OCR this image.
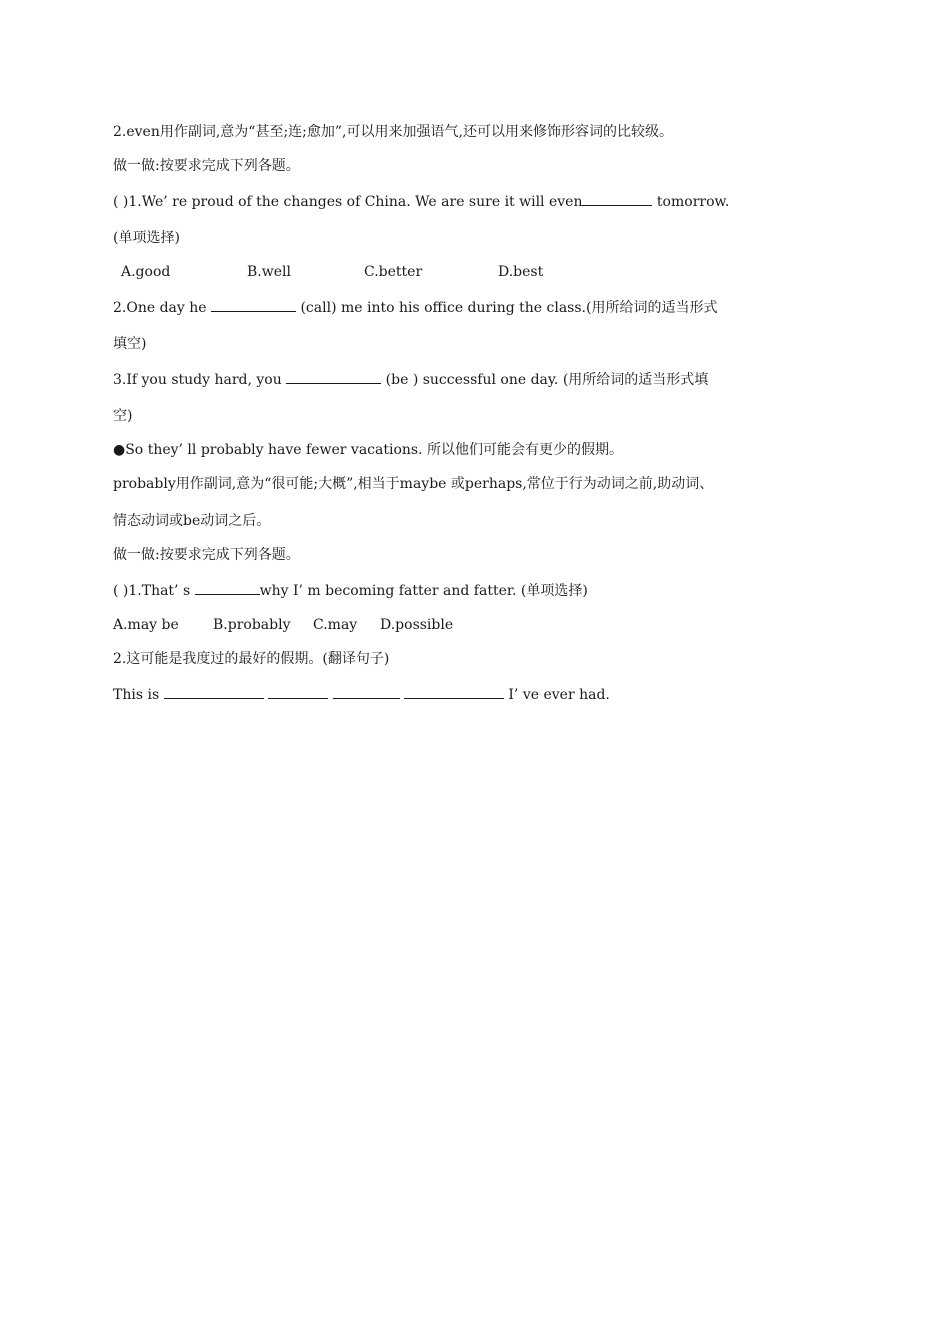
2.even用作副词,意为“甚至;连;愈加”,可以用来加强语气,还可以用来修饰形容词的比较级。

做一做:按要求完成下列各题。

( )1.We’ re proud of the changes of China. We are sure it will even	tomorrow.

(单项选择)

A.good	B.well	C.better	D.best

2.One day he	(call) me into his office during the class.(用所给词的适当形式

填空)

3.If you study hard, you	(be ) successful one day. (用所给词的适当形式填

空)

●So they’ ll probably have fewer vacations. 所以他们可能会有更少的假期。

probably用作副词,意为“很可能;大概”,相当于maybe 或perhaps,常位于行为动词之前,助动词、

情态动词或be动词之后。

做一做:按要求完成下列各题。

( )1.That’ s	why I’ m becoming fatter and fatter. (单项选择)

A.may be B.probably C.may D.possible

2.这可能是我度过的最好的假期。(翻译句子)

This is	I’ ve ever had.
